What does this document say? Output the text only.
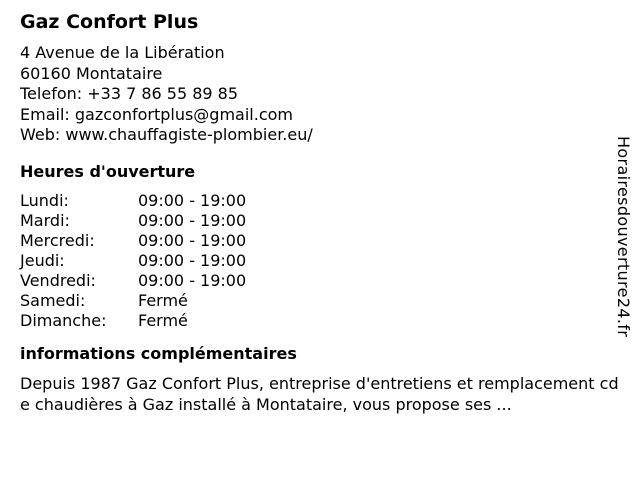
Gaz Confort Plus
4 Avenue de la Libération
60160 Montataire
Telefon: +33 7 86 55 89 85
Email: gazconfortplus@gmail.com
Web: www.chauffagiste-plombier.eu/
Heures d'ouverture
Lundi:	09:00 - 19:00
Mardi:	09:00 - 19:00
Mercredi:	09:00 - 19:00
Jeudi:	09:00 - 19:00
Vendredi:	09:00 - 19:00
Samedi:	Fermé
Dimanche:	Fermé
informations complémentaires
Depuis 1987 Gaz Confort Plus, entreprise d'entretiens et remplacement cde chaudières à Gaz installé à Montataire, vous propose ses ...
Horairesdouverture24.fr
